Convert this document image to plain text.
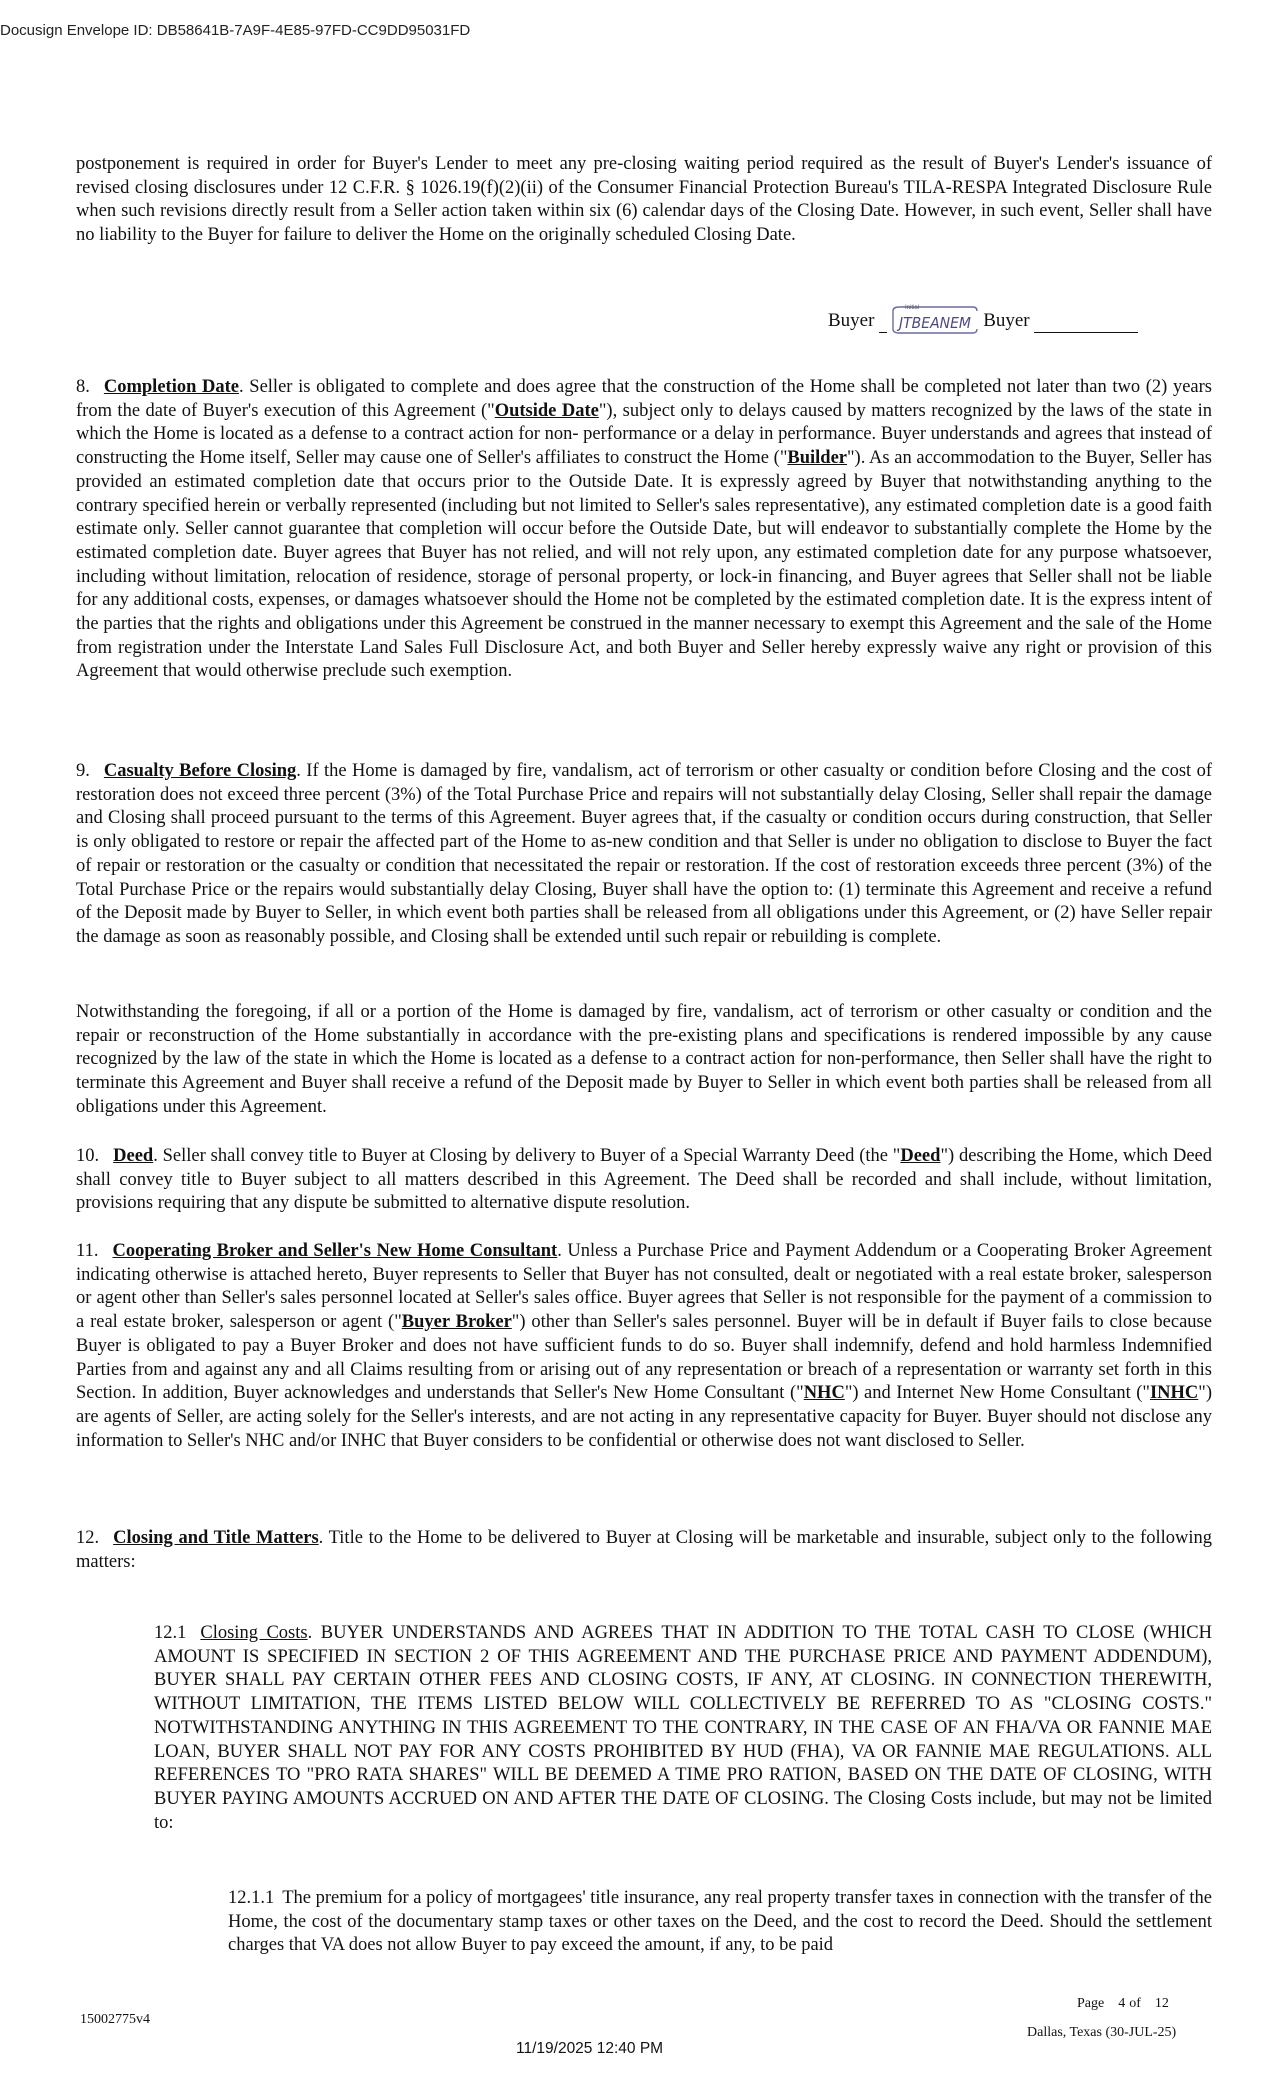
Docusign Envelope ID: DB58641B-7A9F-4E85-97FD-CC9DD95031FD

postponement is required in order for Buyer's Lender to meet any pre-closing waiting period required as the result of Buyer's Lender's issuance of revised closing disclosures under 12 C.F.R. § 1026.19(f)(2)(ii) of the Consumer Financial Protection Bureau's TILA-RESPA Integrated Disclosure Rule when such revisions directly result from a Seller action taken within six (6) calendar days of the Closing Date. However, in such event, Seller shall have no liability to the Buyer for failure to deliver the Home on the originally scheduled Closing Date.

Buyer
Initial
JTBEANEM Buyer

8. Completion Date. Seller is obligated to complete and does agree that the construction of the Home shall be completed not later than two (2) years from the date of Buyer's execution of this Agreement ("Outside Date"), subject only to delays caused by matters recognized by the laws of the state in which the Home is located as a defense to a contract action for non- performance or a delay in performance. Buyer understands and agrees that instead of constructing the Home itself, Seller may cause one of Seller's affiliates to construct the Home ("Builder"). As an accommodation to the Buyer, Seller has provided an estimated completion date that occurs prior to the Outside Date. It is expressly agreed by Buyer that notwithstanding anything to the contrary specified herein or verbally represented (including but not limited to Seller's sales representative), any estimated completion date is a good faith estimate only. Seller cannot guarantee that completion will occur before the Outside Date, but will endeavor to substantially complete the Home by the estimated completion date. Buyer agrees that Buyer has not relied, and will not rely upon, any estimated completion date for any purpose whatsoever, including without limitation, relocation of residence, storage of personal property, or lock-in financing, and Buyer agrees that Seller shall not be liable for any additional costs, expenses, or damages whatsoever should the Home not be completed by the estimated completion date. It is the express intent of the parties that the rights and obligations under this Agreement be construed in the manner necessary to exempt this Agreement and the sale of the Home from registration under the Interstate Land Sales Full Disclosure Act, and both Buyer and Seller hereby expressly waive any right or provision of this Agreement that would otherwise preclude such exemption.

9. Casualty Before Closing. If the Home is damaged by fire, vandalism, act of terrorism or other casualty or condition before Closing and the cost of restoration does not exceed three percent (3%) of the Total Purchase Price and repairs will not substantially delay Closing, Seller shall repair the damage and Closing shall proceed pursuant to the terms of this Agreement. Buyer agrees that, if the casualty or condition occurs during construction, that Seller is only obligated to restore or repair the affected part of the Home to as-new condition and that Seller is under no obligation to disclose to Buyer the fact of repair or restoration or the casualty or condition that necessitated the repair or restoration. If the cost of restoration exceeds three percent (3%) of the Total Purchase Price or the repairs would substantially delay Closing, Buyer shall have the option to: (1) terminate this Agreement and receive a refund of the Deposit made by Buyer to Seller, in which event both parties shall be released from all obligations under this Agreement, or (2) have Seller repair the damage as soon as reasonably possible, and Closing shall be extended until such repair or rebuilding is complete.

Notwithstanding the foregoing, if all or a portion of the Home is damaged by fire, vandalism, act of terrorism or other casualty or condition and the repair or reconstruction of the Home substantially in accordance with the pre-existing plans and specifications is rendered impossible by any cause recognized by the law of the state in which the Home is located as a defense to a contract action for non-performance, then Seller shall have the right to terminate this Agreement and Buyer shall receive a refund of the Deposit made by Buyer to Seller in which event both parties shall be released from all obligations under this Agreement.

10. Deed. Seller shall convey title to Buyer at Closing by delivery to Buyer of a Special Warranty Deed (the "Deed") describing the Home, which Deed shall convey title to Buyer subject to all matters described in this Agreement. The Deed shall be recorded and shall include, without limitation, provisions requiring that any dispute be submitted to alternative dispute resolution.

11. Cooperating Broker and Seller's New Home Consultant. Unless a Purchase Price and Payment Addendum or a Cooperating Broker Agreement indicating otherwise is attached hereto, Buyer represents to Seller that Buyer has not consulted, dealt or negotiated with a real estate broker, salesperson or agent other than Seller's sales personnel located at Seller's sales office. Buyer agrees that Seller is not responsible for the payment of a commission to a real estate broker, salesperson or agent ("Buyer Broker") other than Seller's sales personnel. Buyer will be in default if Buyer fails to close because Buyer is obligated to pay a Buyer Broker and does not have sufficient funds to do so. Buyer shall indemnify, defend and hold harmless Indemnified Parties from and against any and all Claims resulting from or arising out of any representation or breach of a representation or warranty set forth in this Section. In addition, Buyer acknowledges and understands that Seller's New Home Consultant ("NHC") and Internet New Home Consultant ("INHC") are agents of Seller, are acting solely for the Seller's interests, and are not acting in any representative capacity for Buyer. Buyer should not disclose any information to Seller's NHC and/or INHC that Buyer considers to be confidential or otherwise does not want disclosed to Seller.

12. Closing and Title Matters. Title to the Home to be delivered to Buyer at Closing will be marketable and insurable, subject only to the following matters:

12.1 Closing Costs. BUYER UNDERSTANDS AND AGREES THAT IN ADDITION TO THE TOTAL CASH TO CLOSE (WHICH AMOUNT IS SPECIFIED IN SECTION 2 OF THIS AGREEMENT AND THE PURCHASE PRICE AND PAYMENT ADDENDUM), BUYER SHALL PAY CERTAIN OTHER FEES AND CLOSING COSTS, IF ANY, AT CLOSING. IN CONNECTION THEREWITH, WITHOUT LIMITATION, THE ITEMS LISTED BELOW WILL COLLECTIVELY BE REFERRED TO AS "CLOSING COSTS." NOTWITHSTANDING ANYTHING IN THIS AGREEMENT TO THE CONTRARY, IN THE CASE OF AN FHA/VA OR FANNIE MAE LOAN, BUYER SHALL NOT PAY FOR ANY COSTS PROHIBITED BY HUD (FHA), VA OR FANNIE MAE REGULATIONS. ALL REFERENCES TO "PRO RATA SHARES" WILL BE DEEMED A TIME PRO RATION, BASED ON THE DATE OF CLOSING, WITH BUYER PAYING AMOUNTS ACCRUED ON AND AFTER THE DATE OF CLOSING. The Closing Costs include, but may not be limited to:

12.1.1 The premium for a policy of mortgagees' title insurance, any real property transfer taxes in connection with the transfer of the Home, the cost of the documentary stamp taxes or other taxes on the Deed, and the cost to record the Deed. Should the settlement charges that VA does not allow Buyer to pay exceed the amount, if any, to be paid

15002775v4
Page 4 of 12
Dallas, Texas (30-JUL-25)
11/19/2025 12:40 PM
